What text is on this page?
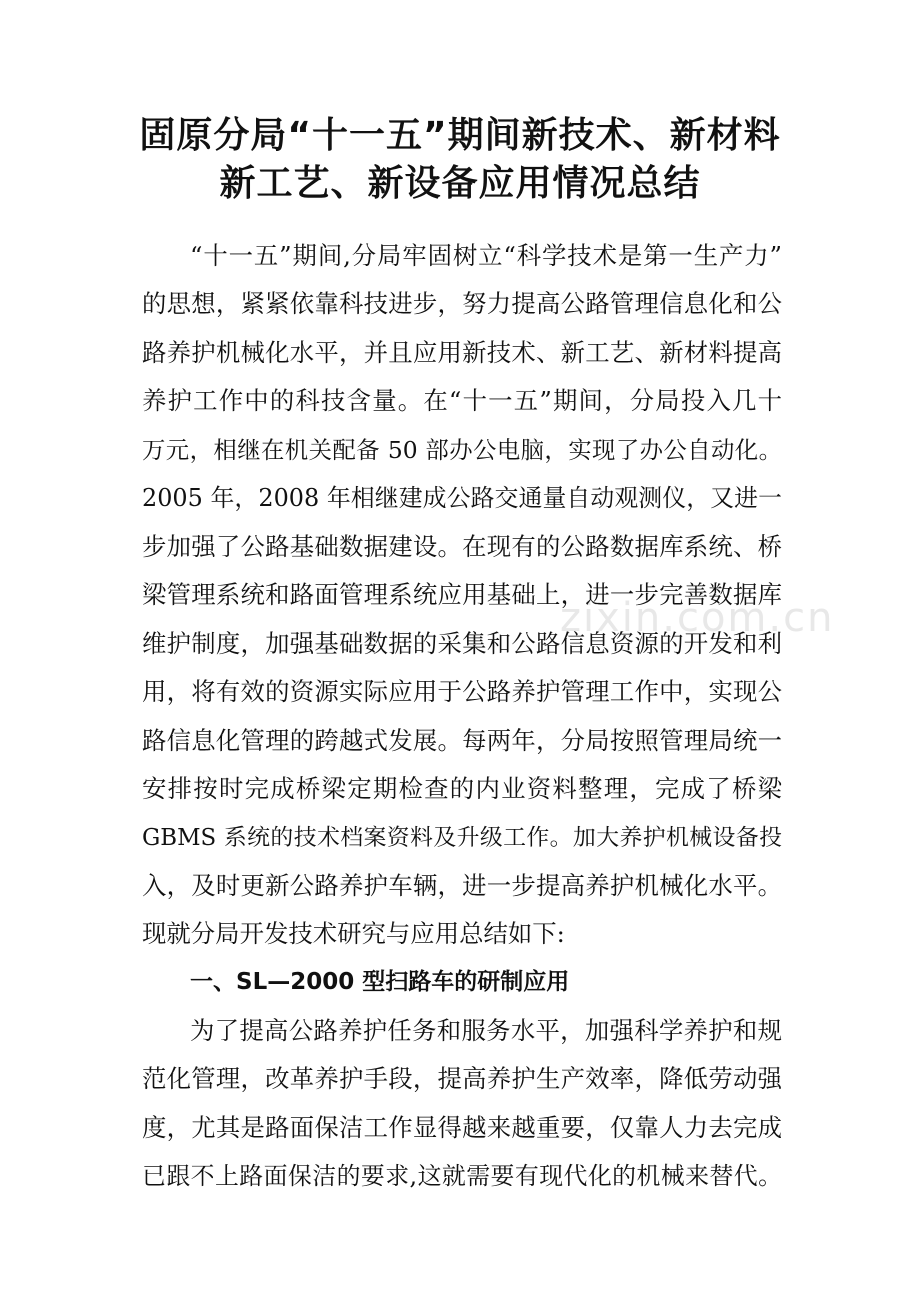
固原分局“十一五”期间新技术、新材料
新工艺、新设备应用情况总结
zixin.com.cn
“十一五”期间,分局牢固树立“科学技术是第一生产力”
的思想，紧紧依靠科技进步，努力提高公路管理信息化和公
路养护机械化水平，并且应用新技术、新工艺、新材料提高
养护工作中的科技含量。在“十一五”期间，分局投入几十
万元，相继在机关配备 50 部办公电脑，实现了办公自动化。
2005 年，2008 年相继建成公路交通量自动观测仪，又进一
步加强了公路基础数据建设。在现有的公路数据库系统、桥
梁管理系统和路面管理系统应用基础上，进一步完善数据库
维护制度，加强基础数据的采集和公路信息资源的开发和利
用，将有效的资源实际应用于公路养护管理工作中，实现公
路信息化管理的跨越式发展。每两年，分局按照管理局统一
安排按时完成桥梁定期检查的内业资料整理，完成了桥梁
GBMS 系统的技术档案资料及升级工作。加大养护机械设备投
入，及时更新公路养护车辆，进一步提高养护机械化水平。
现就分局开发技术研究与应用总结如下:
一、SL—2000 型扫路车的研制应用
为了提高公路养护任务和服务水平，加强科学养护和规
范化管理，改革养护手段，提高养护生产效率，降低劳动强
度，尤其是路面保洁工作显得越来越重要，仅靠人力去完成
已跟不上路面保洁的要求,这就需要有现代化的机械来替代。
